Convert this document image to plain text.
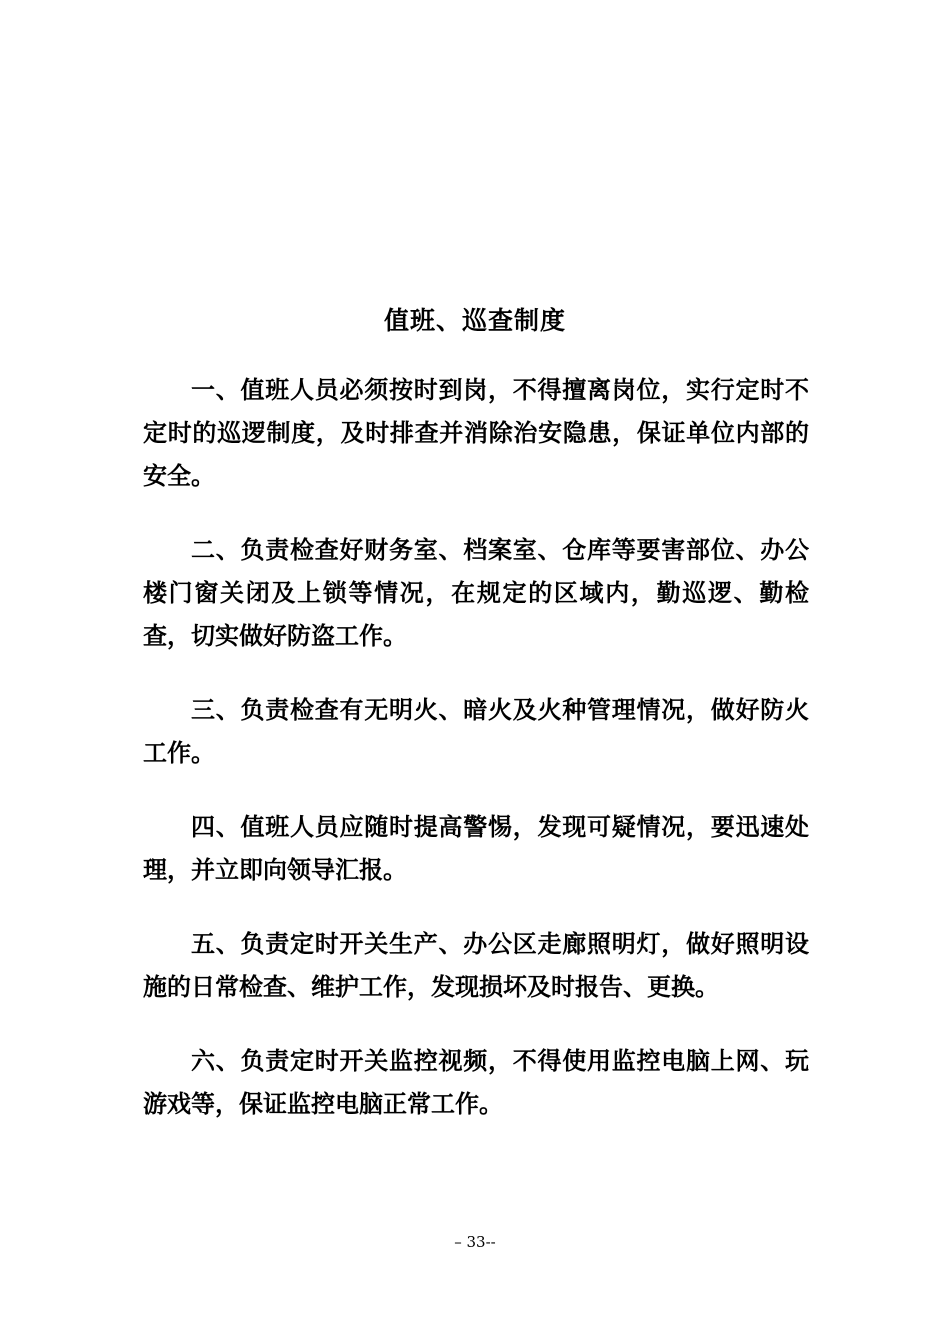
值班、巡查制度

一、值班人员必须按时到岗，不得擅离岗位，实行定时不定时的巡逻制度，及时排查并消除治安隐患，保证单位内部的安全。

二、负责检查好财务室、档案室、仓库等要害部位、办公楼门窗关闭及上锁等情况，在规定的区域内，勤巡逻、勤检查，切实做好防盗工作。

三、负责检查有无明火、暗火及火种管理情况，做好防火工作。

四、值班人员应随时提高警惕，发现可疑情况，要迅速处理，并立即向领导汇报。

五、负责定时开关生产、办公区走廊照明灯，做好照明设施的日常检查、维护工作，发现损坏及时报告、更换。

六、负责定时开关监控视频，不得使用监控电脑上网、玩游戏等，保证监控电脑正常工作。

– 33--
